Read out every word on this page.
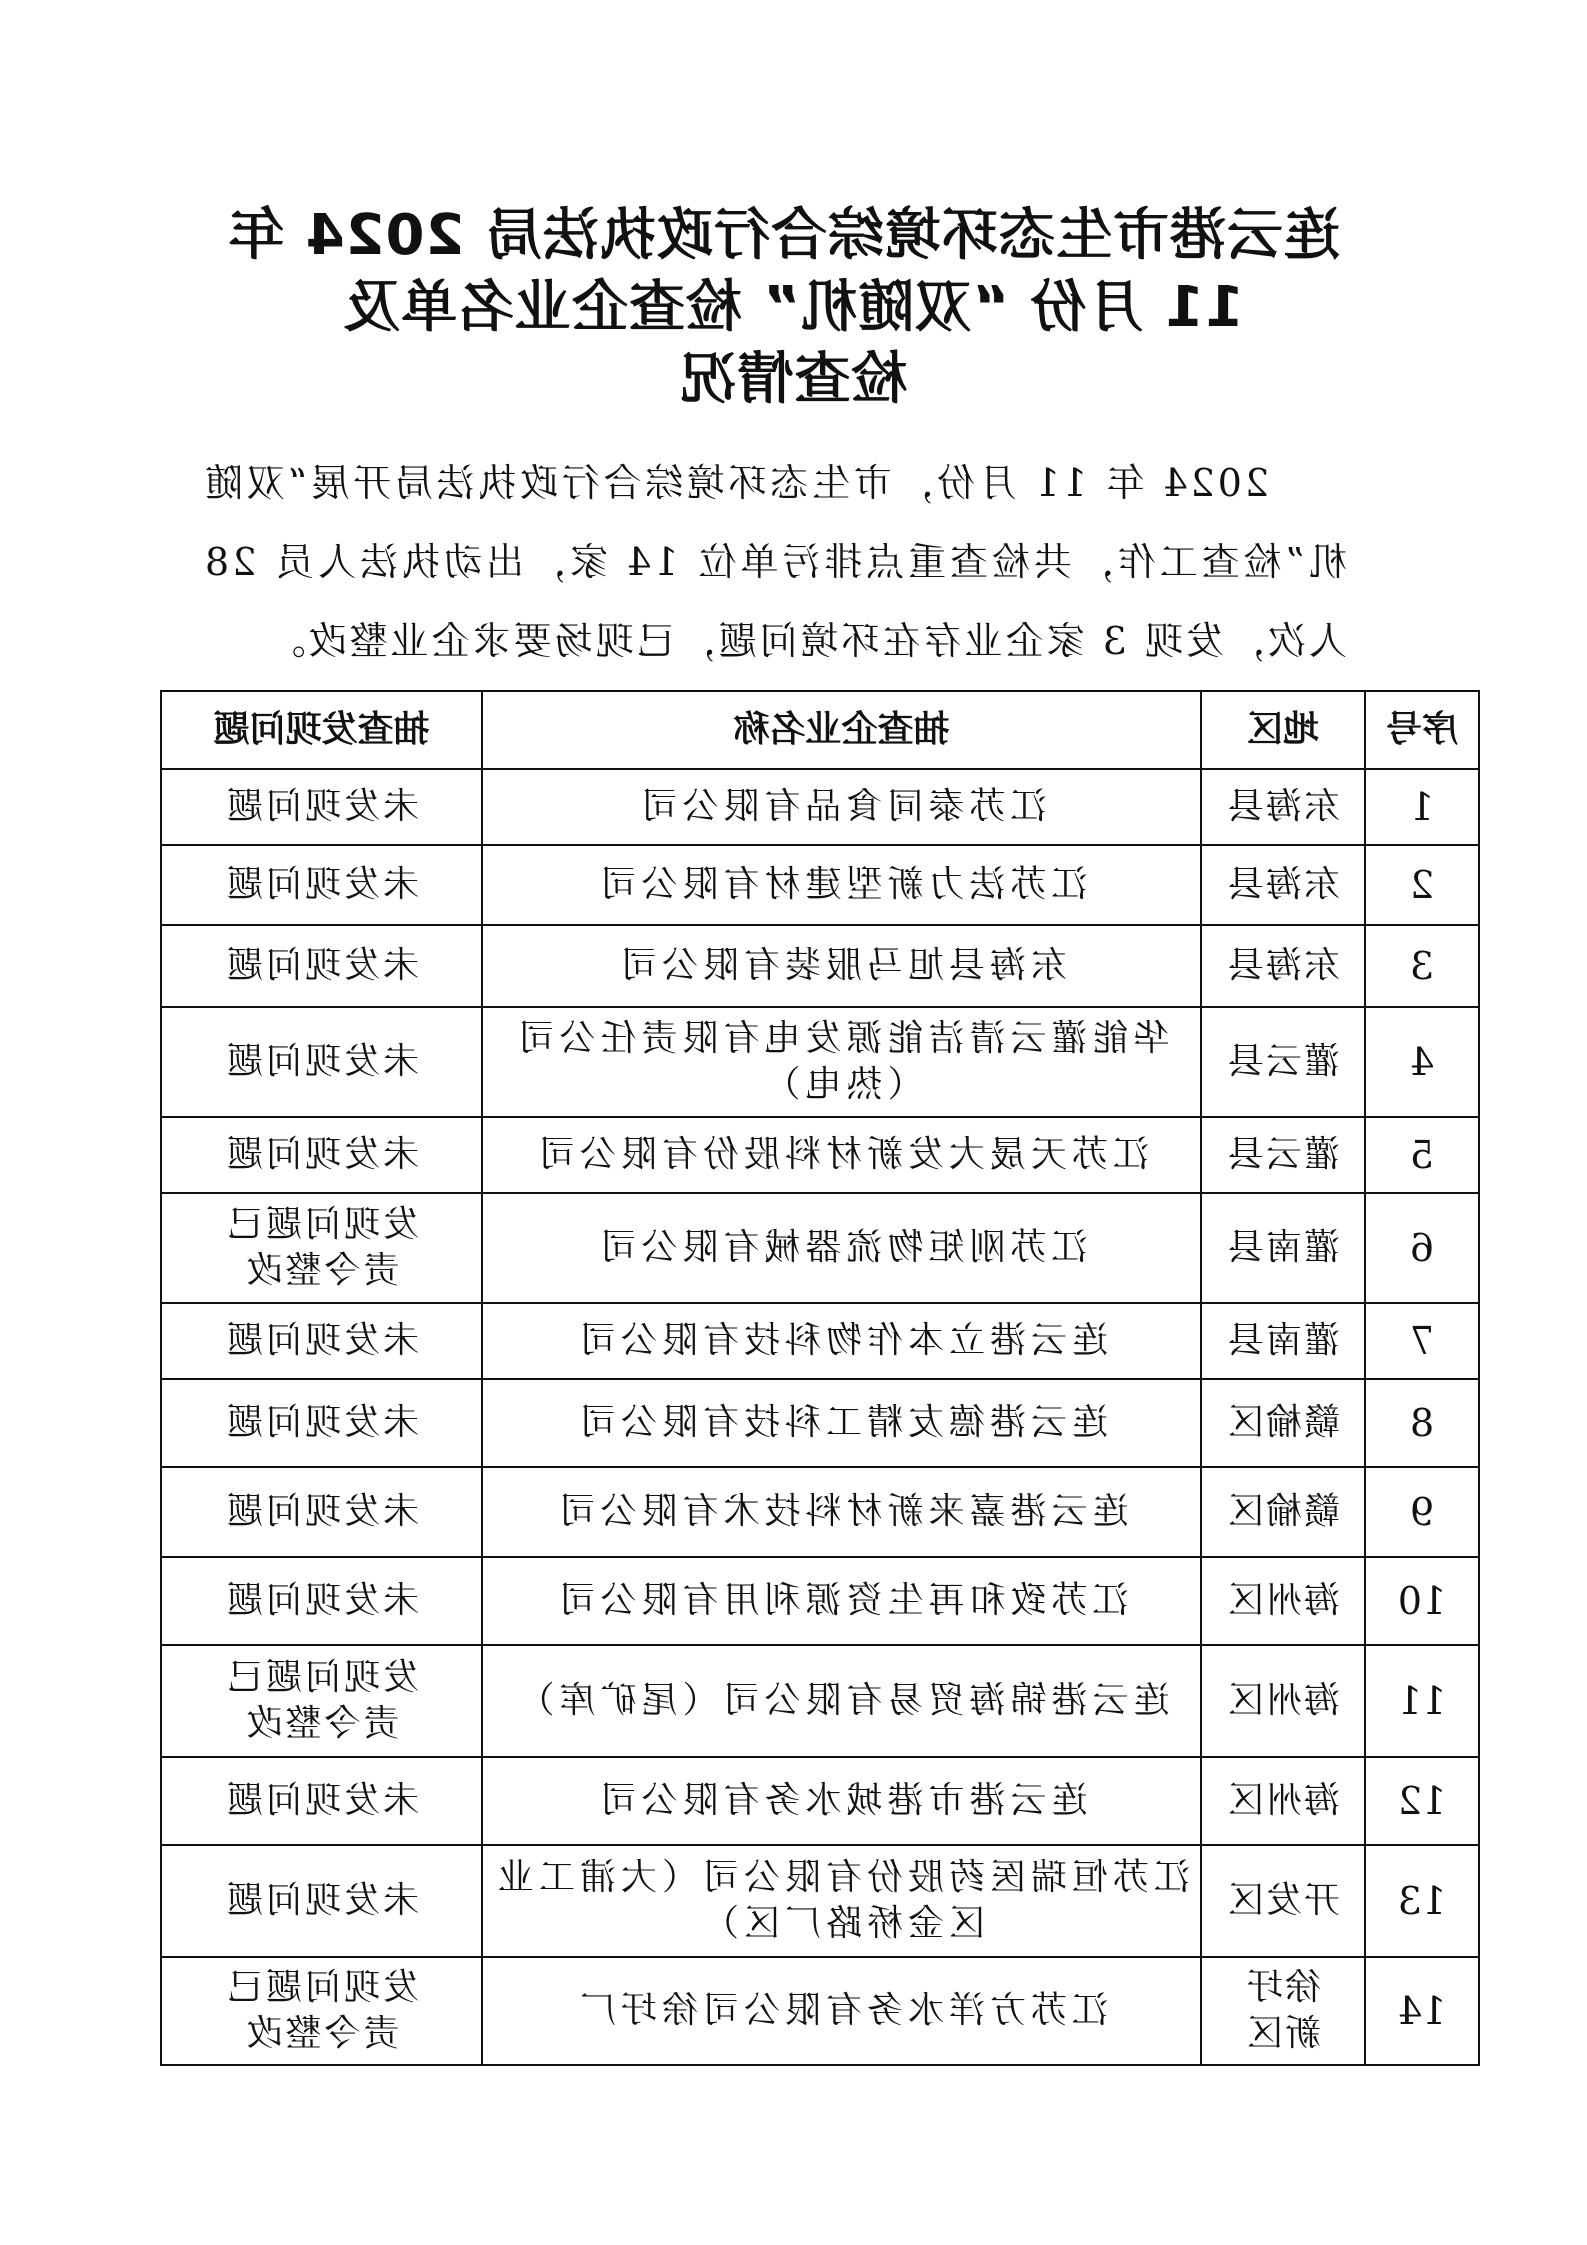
连云港市生态环境综合行政执法局 2024 年
11 月份 “双随机” 检查企业名单及
检查情况
2024 年 11 月份，市生态环境综合行政执法局开展“双随机”检查工作，共检查重点排污单位 14 家，出动执法人员 28 人次，发现 3 家企业存在环境问题，已现场要求企业整改。
序号	地区	抽查企业名称	抽查发现问题
1	东海县	江苏泰同食品有限公司	未发现问题
2	东海县	江苏法力新型建材有限公司	未发现问题
3	东海县	东海县旭马服装有限公司	未发现问题
4	灌云县	华能灌云清洁能源发电有限责任公司（热电）	未发现问题
5	灌云县	江苏天晟大发新材料股份有限公司	未发现问题
6	灌南县	江苏刚矩物流器械有限公司	发现问题已责令整改
7	灌南县	连云港立本作物科技有限公司	未发现问题
8	赣榆区	连云港德友精工科技有限公司	未发现问题
9	赣榆区	连云港嘉来新材料技术有限公司	未发现问题
10	海州区	江苏致和再生资源利用有限公司	未发现问题
11	海州区	连云港锦海贸易有限公司（尾矿库）	发现问题已责令整改
12	海州区	连云港市港城水务有限公司	未发现问题
13	开发区	江苏恒瑞医药股份有限公司（大浦工业区金桥路厂区）	未发现问题
14	徐圩新区	江苏方洋水务有限公司徐圩厂	发现问题已责令整改
